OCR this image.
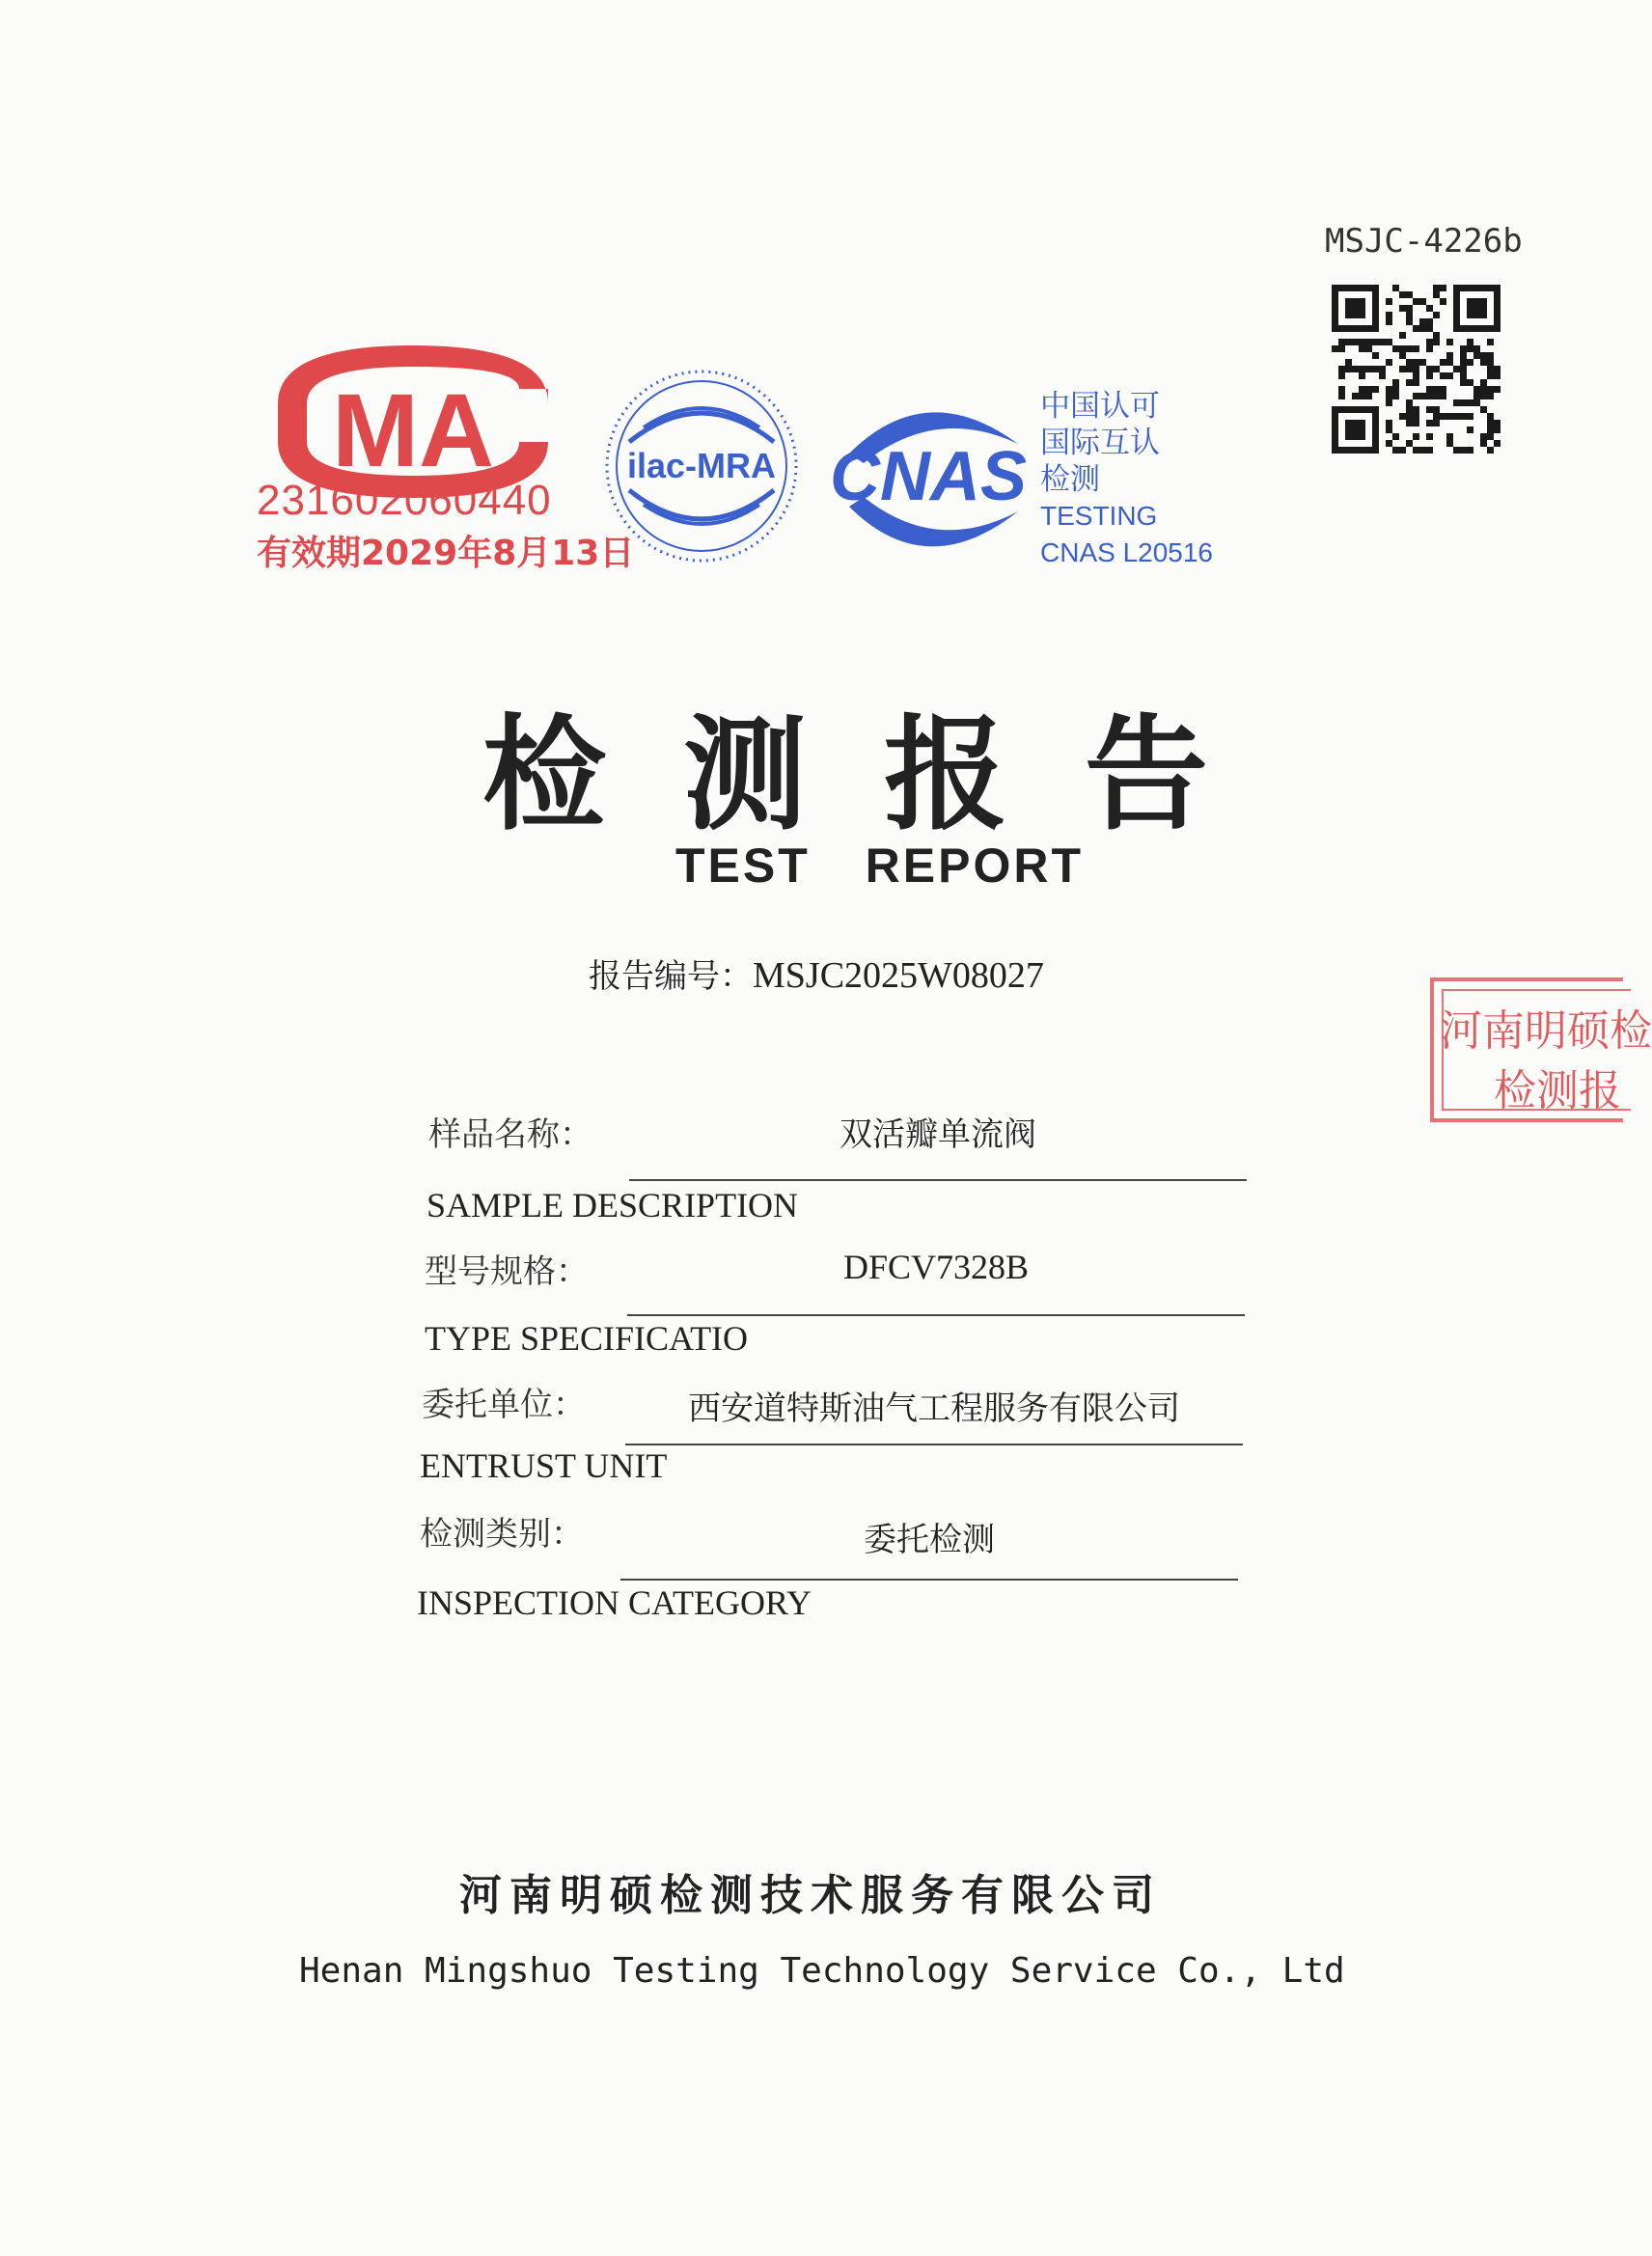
MSJC-4226b
MA
231602060440
有效期2029年8月13日
ilac-MRA CNAS
中国认可
国际互认
检测
TESTING
CNAS L20516
检测报告
TEST REPORT
报告编号：MSJC2025W08027
样品名称：	双活瓣单流阀
SAMPLE DESCRIPTION
型号规格：	DFCV7328B
TYPE SPECIFICATIO
委托单位：	西安道特斯油气工程服务有限公司
ENTRUST UNIT
检测类别：	委托检测
INSPECTION CATEGORY
河南明硕检
检测报
河南明硕检测技术服务有限公司
Henan Mingshuo Testing Technology Service Co., Ltd
